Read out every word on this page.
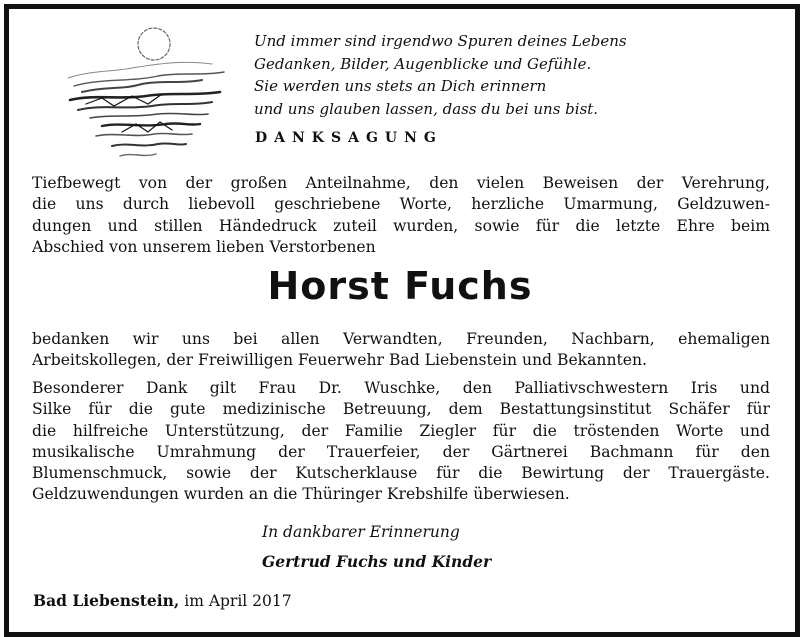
Und immer sind irgendwo Spuren deines Lebens
Gedanken, Bilder, Augenblicke und Gefühle.
Sie werden uns stets an Dich erinnern
und uns glauben lassen, dass du bei uns bist.
DANKSAGUNG
Tiefbewegt von der großen Anteilnahme, den vielen Beweisen der Verehrung,
die uns durch liebevoll geschriebene Worte, herzliche Umarmung, Geldzuwen-
dungen und stillen Händedruck zuteil wurden, sowie für die letzte Ehre beim
Abschied von unserem lieben Verstorbenen
Horst Fuchs
bedanken wir uns bei allen Verwandten, Freunden, Nachbarn, ehemaligen
Arbeitskollegen, der Freiwilligen Feuerwehr Bad Liebenstein und Bekannten.
Besonderer Dank gilt Frau Dr. Wuschke, den Palliativschwestern Iris und
Silke für die gute medizinische Betreuung, dem Bestattungsinstitut Schäfer für
die hilfreiche Unterstützung, der Familie Ziegler für die tröstenden Worte und
musikalische Umrahmung der Trauerfeier, der Gärtnerei Bachmann für den
Blumenschmuck, sowie der Kutscherklause für die Bewirtung der Trauergäste.
Geldzuwendungen wurden an die Thüringer Krebshilfe überwiesen.
In dankbarer Erinnerung
Gertrud Fuchs und Kinder
Bad Liebenstein, im April 2017
